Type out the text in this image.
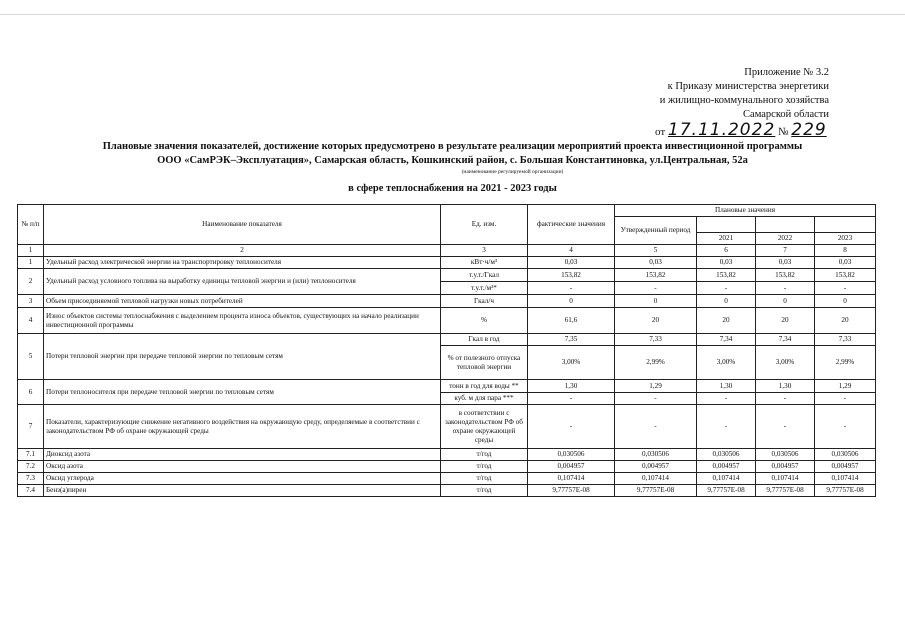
Приложение № 3.2
к Приказу министерства энергетики
и жилищно-коммунального хозяйства
Самарской области
от 17.11.2022 № 229
Плановые значения показателей, достижение которых предусмотрено в результате реализации мероприятий проекта инвестиционной программы
ООО «СамРЭК–Эксплуатация», Самарская область, Кошкинский район, с. Большая Константиновка, ул.Центральная, 52а
(наименование регулируемой организации)
в сфере теплоснабжения на 2021 - 2023 годы
№ п/п	Наименование показателя	Ед. изм.	фактические значения	Плановые значения			
				Утвержденный период			
					2021	2022	2023
1	2	3	4	5	6	7	8
1	Удельный расход электрической энергии на транспортировку теплоносителя	кВт·ч/м³	0,03	0,03	0,03	0,03	0,03
2	Удельный расход условного топлива на выработку единицы тепловой энергии и (или) теплоносителя	т.у.т./Гкал	153,82	153,82	153,82	153,82	153,82
		т.у.т./м³*	-	-	-	-	-
3	Объем присоединяемой тепловой нагрузки новых потребителей	Гкал/ч	0	0	0	0	0
4	Износ объектов системы теплоснабжения с выделением процента износа объектов, существующих на начало реализации инвестиционной программы	%	61,6	20	20	20	20
5	Потери тепловой энергии при передаче тепловой энергии по тепловым сетям	Гкал в год	7,35	7,33	7,34	7,34	7,33
		% от полезного отпуска тепловой энергии	3,00%	2,99%	3,00%	3,00%	2,99%
6	Потери теплоносителя при передаче тепловой энергии по тепловым сетям	тонн в год для воды **	1,30	1,29	1,30	1,30	1,29
		куб. м для пара ***	-	-	-	-	-
7	Показатели, характеризующие снижение негативного воздействия на окружающую среду, определяемые в соответствии с законодательством РФ об охране окружающей среды	в соответствии с законодательством РФ об охране окружающей среды	-	-	-	-	-
7.1	Диоксид азота	т/год	0,030506	0,030506	0,030506	0,030506	0,030506
7.2	Оксид азота	т/год	0,004957	0,004957	0,004957	0,004957	0,004957
7.3	Оксид углерода	т/год	0,107414	0,107414	0,107414	0,107414	0,107414
7.4	Бенз(а)пирен	т/год	9,77757E-08	9,77757E-08	9,77757E-08	9,77757E-08	9,77757E-08
